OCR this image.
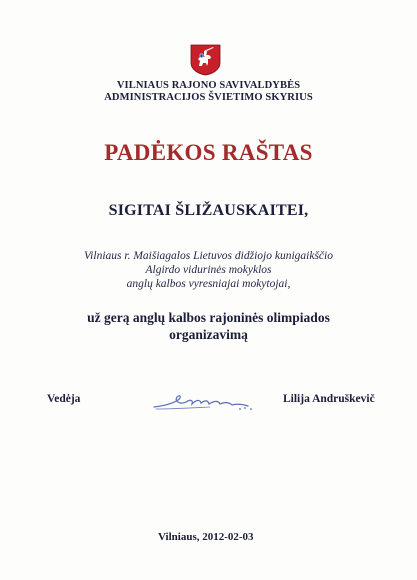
VILNIAUS RAJONO SAVIVALDYBĖS
ADMINISTRACIJOS ŠVIETIMO SKYRIUS
PADĖKOS RAŠTAS
SIGITAI ŠLIŽAUSKAITEI,
Vilniaus r. Maišiagalos Lietuvos didžiojo kunigaikščio
Algirdo vidurinės mokyklos
anglų kalbos vyresniajai mokytojai,
už gerą anglų kalbos rajoninės olimpiados
organizavimą
Vedėja	Lilija Andruškevič
Vilniaus, 2012-02-03
